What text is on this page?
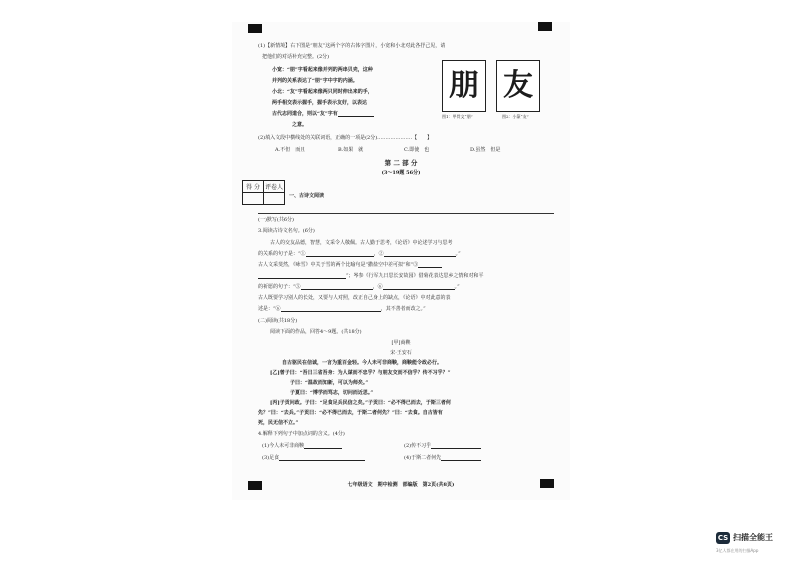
(1)【新情境】右下图是“朋友”这两个字的古体字图片，小宽和小北对此各抒己见，请
把他们的对话补充完整。(2分)
小宽：“朋”字看起来像并列的两串贝壳，这种
并列的关系表达了“朋”字中字的内涵。
小北：“友”字看起来像两只同时伸出来的手，
两手相交表示握手，握手表示友好，以表达
古代志同道合，则以“友”字有
之意。
朋 友
图1：甲骨文“朋”	图2：小篆“友”
(2)填入文段中横线处的关联词语，正确的一项是(2分)…………………【　　】
A.不但　而且	B.如果　就	C.即使　也	D.虽然　但是
第 二 部 分
(3～19题 56分)
得 分	评卷人

一、古诗文阅读
(一)默写(共6分)
3.阅读古诗文名句。(6分)
古人的交友品德，智慧，文采令人敬佩。古人勤于思考，《论语》中论述学习与思考
的关系的句子是：“①	，②	。”
古人文采斐然，《咏雪》中关于雪的两个比喻句是“撒盐空中差可拟”和“③
”；岑参《行军九日思长安故园》借菊花表达思乡之情和对和平
的祈愿的句子：“⑤	，⑥	。”
古人既要学习别人的长处，又要与人对照，改正自己身上的缺点，《论语》中对此意的表
述是：“⑥	，其不善者而改之。”
(二)阅读(共18分)
阅读下面的作品，回答4～9题。(共18分)
[甲]商鞅
宋·王安石
自古驱民在信诚，一言为重百金轻。今人未可非商鞅，商鞅能令政必行。
[乙]曾子曰：“吾日三省吾身：为人谋而不忠乎？与朋友交而不信乎？传不习乎？”
子曰：“温故而知新，可以为师矣。”
子夏曰：“博学而笃志，切问而近思。”
[丙]子贡问政。子曰：“足食足兵民信之矣。”子贡曰：“必不得已而去，于斯三者何
先？”曰：“去兵。”子贡曰：“必不得已而去，于斯二者何先？”曰：“去食。自古皆有
死，民无信不立。”
4.解释下列句子中加点词的含义。(4分)
(1)今人未可非商鞅	(2)传不习乎
(3)足食	(4)于斯二者何先
七年级语文　期中检测　部编版　第2页(共8页)
CS 扫描全能王
3亿人都在用的扫描App
